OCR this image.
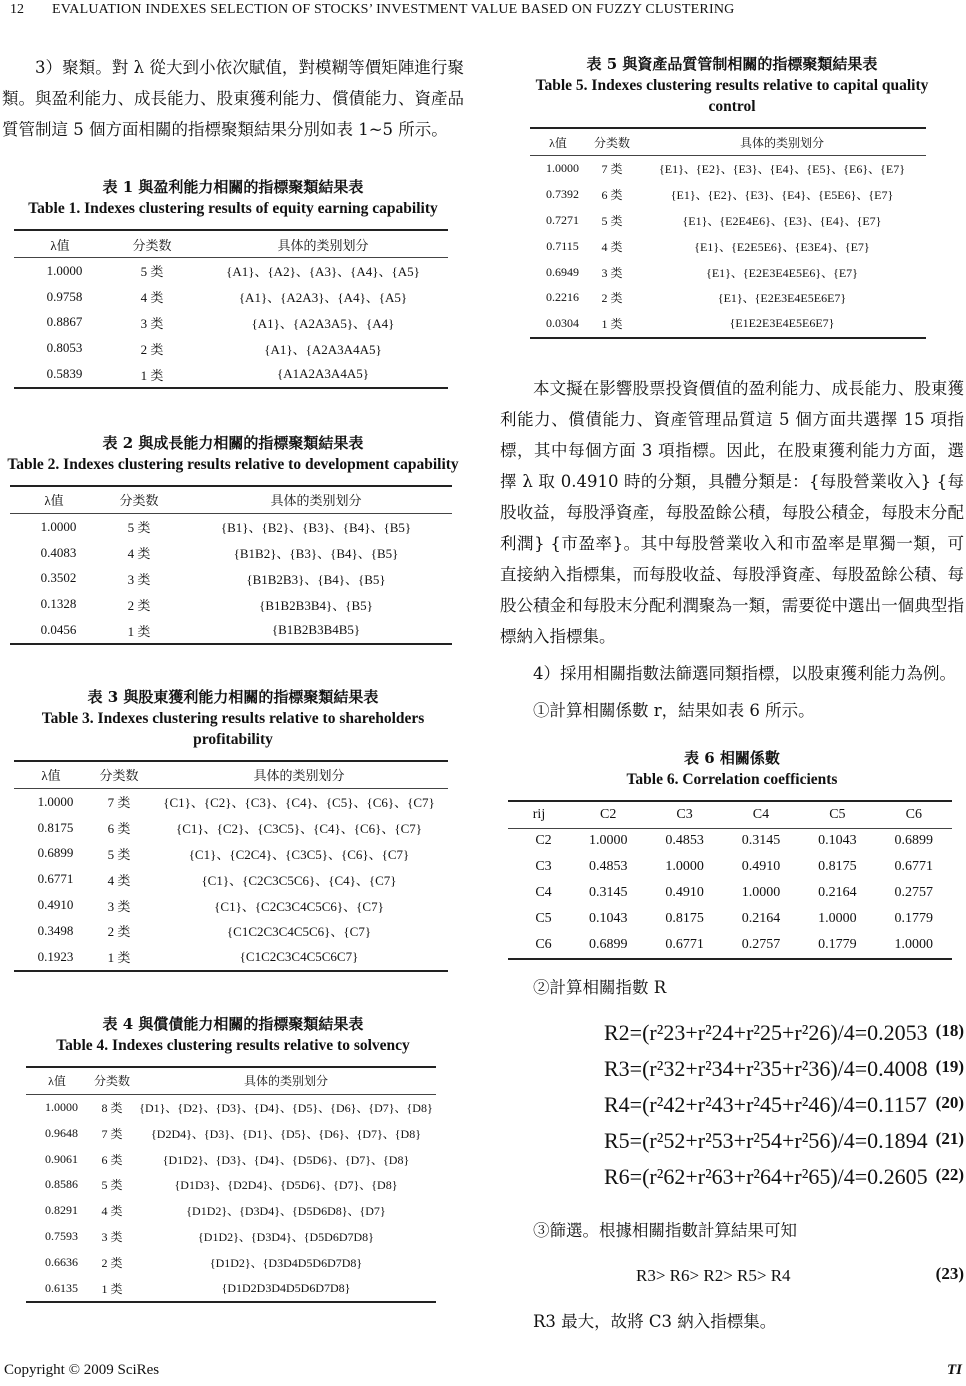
12 EVALUATION INDEXES SELECTION OF STOCKS’ INVESTMENT VALUE BASED ON FUZZY CLUSTERING

3）聚類。對 λ 從大到小依次賦值，對模糊等價矩陣進行聚類。與盈利能力、成長能力、股東獲利能力、償債能力、資產品質管制這 5 個方面相關的指標聚類結果分別如表 1~5 所示。

表 1 與盈利能力相關的指標聚類結果表
Table 1. Indexes clustering results of equity earning capability
λ值	分类数	具体的类别划分
1.0000	5 类	{A1}、{A2}、{A3}、{A4}、{A5}
0.9758	4 类	{A1}、{A2A3}、{A4}、{A5}
0.8867	3 类	{A1}、{A2A3A5}、{A4}
0.8053	2 类	{A1}、{A2A3A4A5}
0.5839	1 类	{A1A2A3A4A5}
表 2 與成長能力相關的指標聚類結果表
Table 2. Indexes clustering results relative to development capability
λ值	分类数	具体的类别划分
1.0000	5 类	{B1}、{B2}、{B3}、{B4}、{B5}
0.4083	4 类	{B1B2}、{B3}、{B4}、{B5}
0.3502	3 类	{B1B2B3}、{B4}、{B5}
0.1328	2 类	{B1B2B3B4}、{B5}
0.0456	1 类	{B1B2B3B4B5}
表 3 與股東獲利能力相關的指標聚類結果表
Table 3. Indexes clustering results relative to shareholders profitability
λ值	分类数	具体的类别划分
1.0000	7 类	{C1}、{C2}、{C3}、{C4}、{C5}、{C6}、{C7}
0.8175	6 类	{C1}、{C2}、{C3C5}、{C4}、{C6}、{C7}
0.6899	5 类	{C1}、{C2C4}、{C3C5}、{C6}、{C7}
0.6771	4 类	{C1}、{C2C3C5C6}、{C4}、{C7}
0.4910	3 类	{C1}、{C2C3C4C5C6}、{C7}
0.3498	2 类	{C1C2C3C4C5C6}、{C7}
0.1923	1 类	{C1C2C3C4C5C6C7}
表 4 與償債能力相關的指標聚類結果表
Table 4. Indexes clustering results relative to solvency
λ值	分类数	具体的类别划分
1.0000	8 类	{D1}、{D2}、{D3}、{D4}、{D5}、{D6}、{D7}、{D8}
0.9648	7 类	{D2D4}、{D3}、{D1}、{D5}、{D6}、{D7}、{D8}
0.9061	6 类	{D1D2}、{D3}、{D4}、{D5D6}、{D7}、{D8}
0.8586	5 类	{D1D3}、{D2D4}、{D5D6}、{D7}、{D8}
0.8291	4 类	{D1D2}、{D3D4}、{D5D6D8}、{D7}
0.7593	3 类	{D1D2}、{D3D4}、{D5D6D7D8}
0.6636	2 类	{D1D2}、{D3D4D5D6D7D8}
0.6135	1 类	{D1D2D3D4D5D6D7D8}
表 5 與資產品質管制相關的指標聚類結果表
Table 5. Indexes clustering results relative to capital quality control
λ值	分类数	具体的类别划分
1.0000	7 类	{E1}、{E2}、{E3}、{E4}、{E5}、{E6}、{E7}
0.7392	6 类	{E1}、{E2}、{E3}、{E4}、{E5E6}、{E7}
0.7271	5 类	{E1}、{E2E4E6}、{E3}、{E4}、{E7}
0.7115	4 类	{E1}、{E2E5E6}、{E3E4}、{E7}
0.6949	3 类	{E1}、{E2E3E4E5E6}、{E7}
0.2216	2 类	{E1}、{E2E3E4E5E6E7}
0.0304	1 类	{E1E2E3E4E5E6E7}

本文擬在影響股票投資價值的盈利能力、成長能力、股東獲利能力、償債能力、資產管理品質這 5 個方面共選擇 15 項指標，其中每個方面 3 項指標。因此，在股東獲利能力方面，選擇 λ 取 0.4910 時的分類，具體分類是：{每股營業收入} {每股收益，每股淨資產，每股盈餘公積，每股公積金，每股末分配利潤} {市盈率}。其中每股營業收入和市盈率是單獨一類，可直接納入指標集，而每股收益、每股淨資產、每股盈餘公積、每股公積金和每股末分配利潤聚為一類，需要從中選出一個典型指標納入指標集。

4）採用相關指數法篩選同類指標，以股東獲利能力為例。

①計算相關係數 r，結果如表 6 所示。

表 6 相關係數
Table 6. Correlation coefficients
rij	C2	C3	C4	C5	C6
C2	1.0000	0.4853	0.3145	0.1043	0.6899
C3	0.4853	1.0000	0.4910	0.8175	0.6771
C4	0.3145	0.4910	1.0000	0.2164	0.2757
C5	0.1043	0.8175	0.2164	1.0000	0.1779
C6	0.6899	0.6771	0.2757	0.1779	1.0000

②計算相關指數 R

R2=(r²23+r²24+r²25+r²26)/4=0.2053 (18)
R3=(r²32+r²34+r²35+r²36)/4=0.4008 (19)
R4=(r²42+r²43+r²45+r²46)/4=0.1157 (20)
R5=(r²52+r²53+r²54+r²56)/4=0.1894 (21)
R6=(r²62+r²63+r²64+r²65)/4=0.2605 (22)

③篩選。根據相關指數計算結果可知

R3> R6> R2> R5> R4	(23)

R3 最大，故將 C3 納入指標集。

Copyright © 2009 SciRes	TI
